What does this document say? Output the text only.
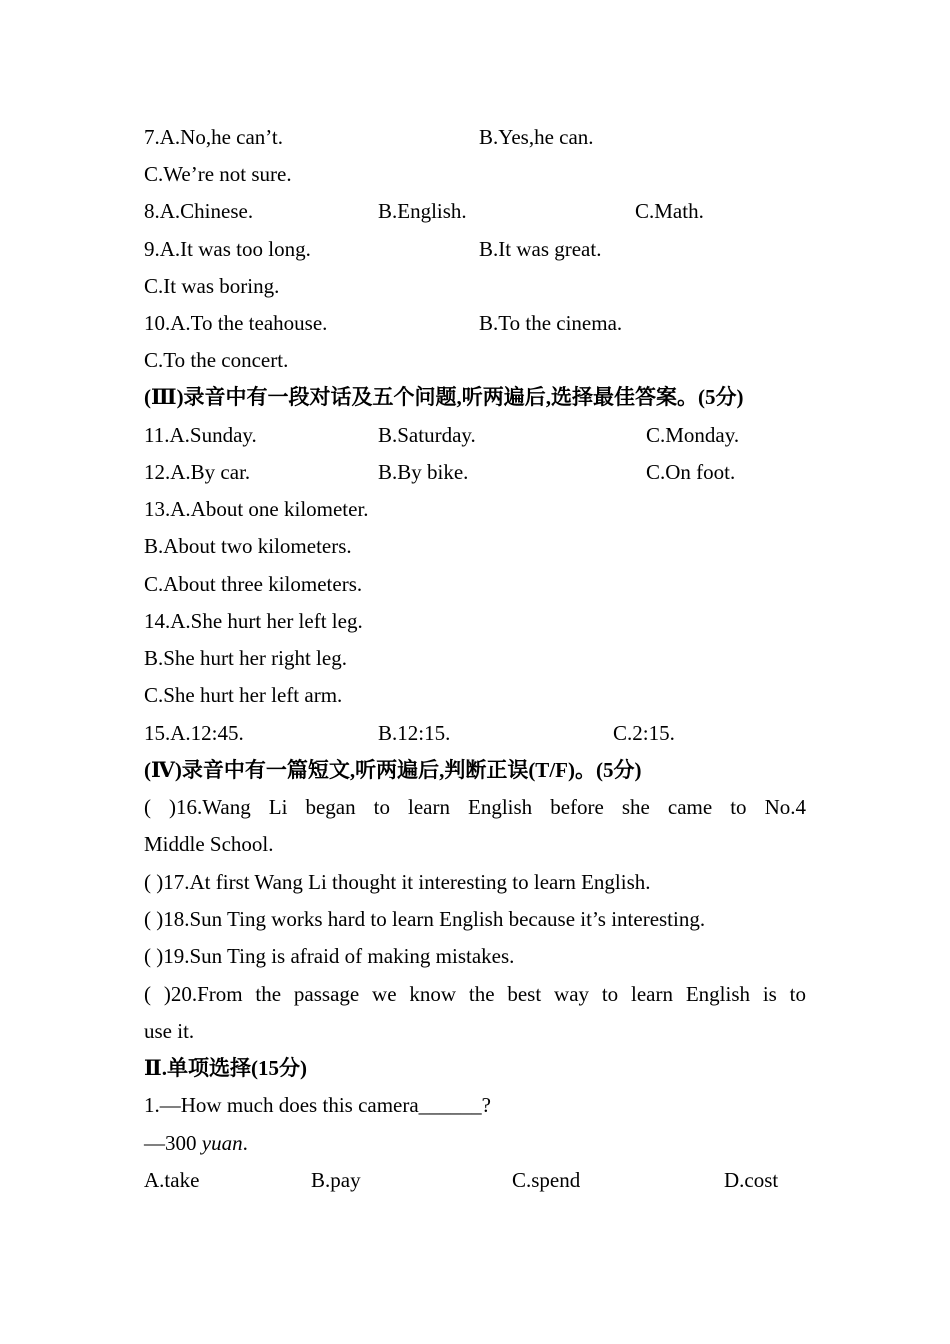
7.A.No,he can’t.	B.Yes,he can.
C.We’re not sure.
8.A.Chinese.	B.English.	C.Math.
9.A.It was too long.	B.It was great.
C.It was boring.
10.A.To the teahouse.	B.To the cinema.
C.To the concert.
(Ⅲ)录音中有一段对话及五个问题,听两遍后,选择最佳答案。(5分)
11.A.Sunday.	B.Saturday.	C.Monday.
12.A.By car.	B.By bike.	C.On foot.
13.A.About one kilometer.
B.About two kilometers.
C.About three kilometers.
14.A.She hurt her left leg.
B.She hurt her right leg.
C.She hurt her left arm.
15.A.12:45.	B.12:15.	C.2:15.
(Ⅳ)录音中有一篇短文,听两遍后,判断正误(T/F)。(5分)
( )16.Wang Li began to learn English before she came to No.4
Middle School.
( )17.At first Wang Li thought it interesting to learn English.
( )18.Sun Ting works hard to learn English because it’s interesting.
( )19.Sun Ting is afraid of making mistakes.
( )20.From the passage we know the best way to learn English is to
use it.
Ⅱ.单项选择(15分)
1.—How much does this camera______?
—300 yuan.
A.take	B.pay	C.spend	D.cost
